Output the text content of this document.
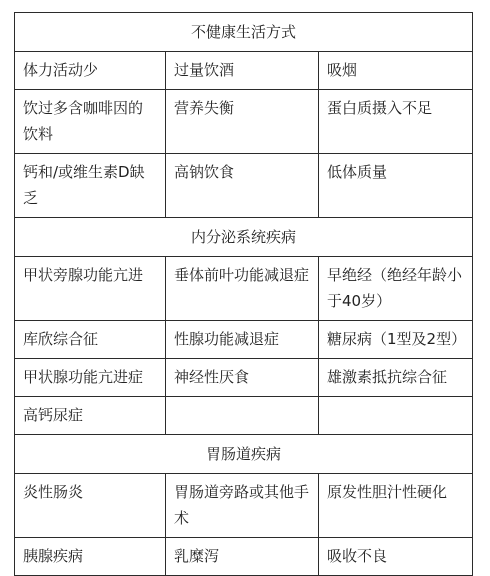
不健康生活方式		
体力活动少	过量饮酒	吸烟
饮过多含咖啡因的饮料	营养失衡	蛋白质摄入不足
钙和/或维生素D缺乏	高钠饮食	低体质量
内分泌系统疾病		
甲状旁腺功能亢进	垂体前叶功能减退症	早绝经（绝经年龄小于40岁）
库欣综合征	性腺功能减退症	糖尿病（1型及2型）
甲状腺功能亢进症	神经性厌食	雄激素抵抗综合征
高钙尿症		
胃肠道疾病		
炎性肠炎	胃肠道旁路或其他手术	原发性胆汁性硬化
胰腺疾病	乳糜泻	吸收不良
